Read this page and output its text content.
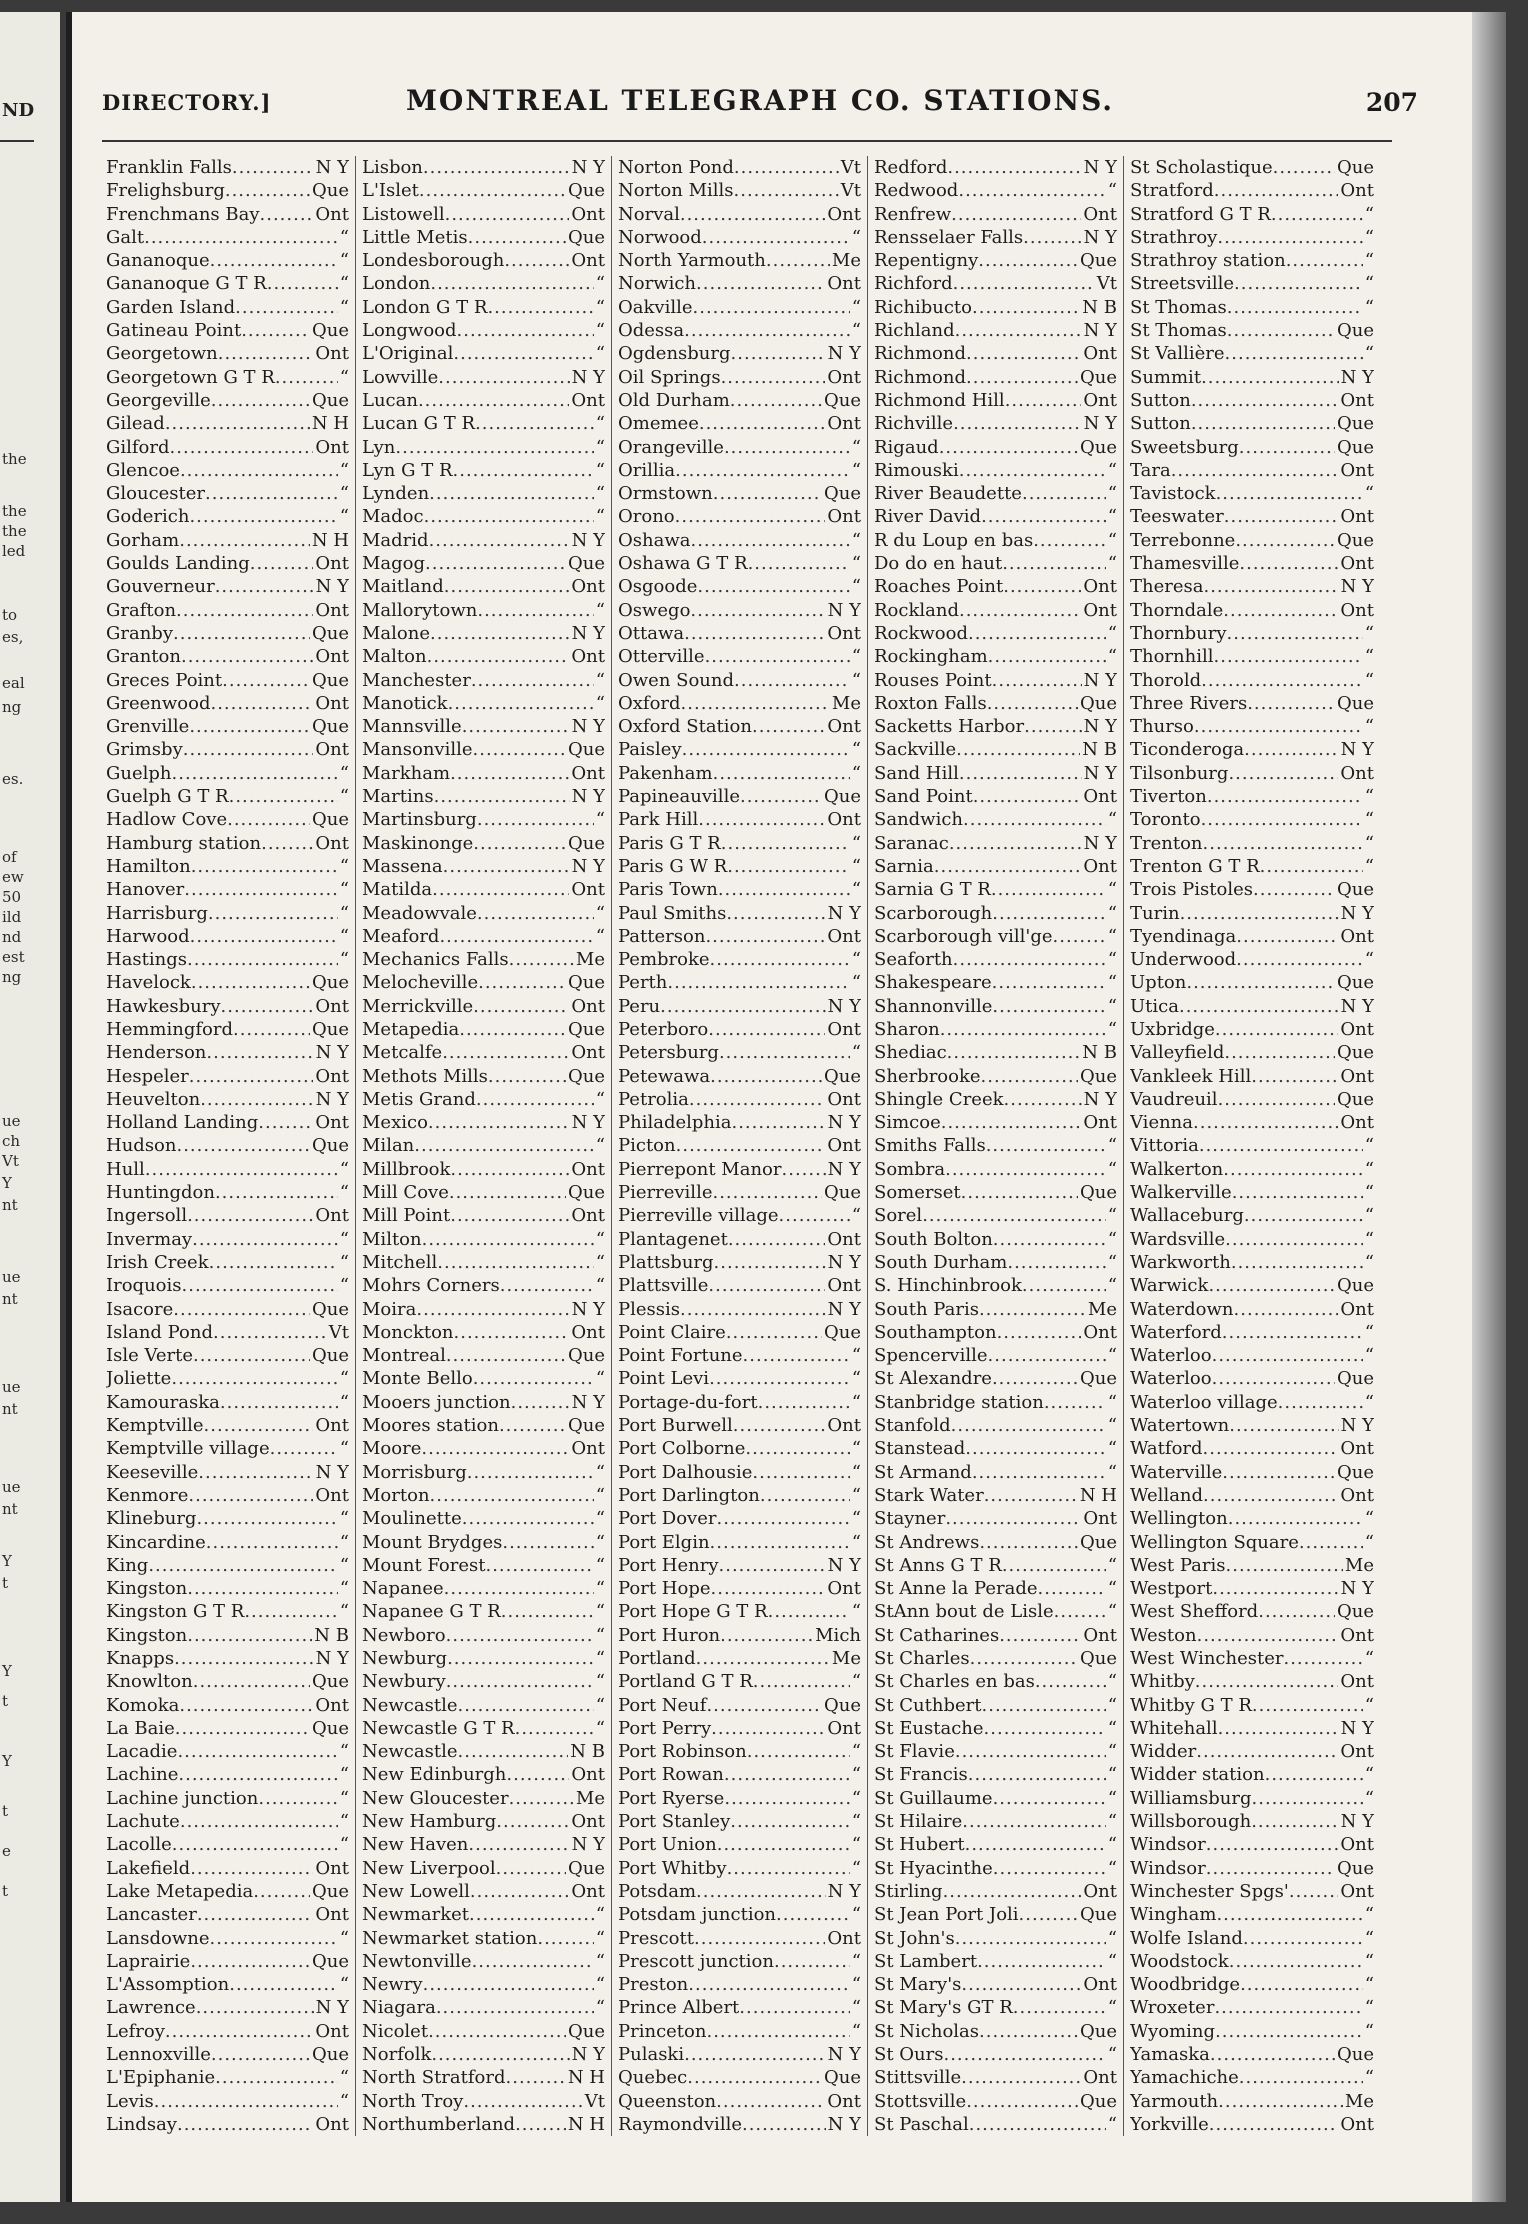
ND
the
the
the
led
to
es,
eal
ng
es.
of
ew
50
ild
nd
est
ng
ue
ch
Vt
Y
nt
ue
nt
ue
nt
ue
nt
Y
t
Y
t
Y
t
e
t
DIRECTORY.]	MONTREAL TELEGRAPH CO. STATIONS.	207
Franklin Falls .....	N Y
Frelighsburg .....	Que
Frenchmans Bay .....	Ont
Galt .....	“
Gananoque .....	“
Gananoque G T R .....	“
Garden Island .....	“
Gatineau Point .....	Que
Georgetown .....	Ont
Georgetown G T R .....	“
Georgeville .....	Que
Gilead .....	N H
Gilford .....	Ont
Glencoe .....	“
Gloucester .....	“
Goderich .....	“
Gorham .....	N H
Goulds Landing .....	Ont
Gouverneur .....	N Y
Grafton .....	Ont
Granby .....	Que
Granton .....	Ont
Greces Point .....	Que
Greenwood .....	Ont
Grenville .....	Que
Grimsby .....	Ont
Guelph .....	“
Guelph G T R .....	“
Hadlow Cove .....	Que
Hamburg station .....	Ont
Hamilton .....	“
Hanover .....	“
Harrisburg .....	“
Harwood .....	“
Hastings .....	“
Havelock .....	Que
Hawkesbury .....	Ont
Hemmingford .....	Que
Henderson .....	N Y
Hespeler .....	Ont
Heuvelton .....	N Y
Holland Landing .....	Ont
Hudson .....	Que
Hull .....	“
Huntingdon .....	“
Ingersoll .....	Ont
Invermay .....	“
Irish Creek .....	“
Iroquois .....	“
Isacore .....	Que
Island Pond .....	Vt
Isle Verte .....	Que
Joliette .....	“
Kamouraska .....	“
Kemptville .....	Ont
Kemptville village .....	“
Keeseville .....	N Y
Kenmore .....	Ont
Klineburg .....	“
Kincardine .....	“
King .....	“
Kingston .....	“
Kingston G T R .....	“
Kingston .....	N B
Knapps .....	N Y
Knowlton .....	Que
Komoka .....	Ont
La Baie .....	Que
Lacadie .....	“
Lachine .....	“
Lachine junction .....	“
Lachute .....	“
Lacolle .....	“
Lakefield .....	Ont
Lake Metapedia .....	Que
Lancaster .....	Ont
Lansdowne .....	“
Laprairie .....	Que
L'Assomption .....	“
Lawrence .....	N Y
Lefroy .....	Ont
Lennoxville .....	Que
L'Epiphanie .....	“
Levis .....	“
Lindsay .....	Ont
Lisbon .....	N Y
L'Islet .....	Que
Listowell .....	Ont
Little Metis .....	Que
Londesborough .....	Ont
London .....	“
London G T R .....	“
Longwood .....	“
L'Original .....	“
Lowville .....	N Y
Lucan .....	Ont
Lucan G T R .....	“
Lyn .....	“
Lyn G T R .....	“
Lynden .....	“
Madoc .....	“
Madrid .....	N Y
Magog .....	Que
Maitland .....	Ont
Mallorytown .....	“
Malone .....	N Y
Malton .....	Ont
Manchester .....	“
Manotick .....	“
Mannsville .....	N Y
Mansonville .....	Que
Markham .....	Ont
Martins .....	N Y
Martinsburg .....	“
Maskinonge .....	Que
Massena .....	N Y
Matilda .....	Ont
Meadowvale .....	“
Meaford .....	“
Mechanics Falls .....	Me
Melocheville .....	Que
Merrickville .....	Ont
Metapedia .....	Que
Metcalfe .....	Ont
Methots Mills .....	Que
Metis Grand .....	“
Mexico .....	N Y
Milan .....	“
Millbrook .....	Ont
Mill Cove .....	Que
Mill Point .....	Ont
Milton .....	“
Mitchell .....	“
Mohrs Corners .....	“
Moira .....	N Y
Monckton .....	Ont
Montreal .....	Que
Monte Bello .....	“
Mooers junction .....	N Y
Moores station .....	Que
Moore .....	Ont
Morrisburg .....	“
Morton .....	“
Moulinette .....	“
Mount Brydges .....	“
Mount Forest .....	“
Napanee .....	“
Napanee G T R .....	“
Newboro .....	“
Newburg .....	“
Newbury .....	“
Newcastle .....	“
Newcastle G T R .....	“
Newcastle .....	N B
New Edinburgh .....	Ont
New Gloucester .....	Me
New Hamburg .....	Ont
New Haven .....	N Y
New Liverpool .....	Que
New Lowell .....	Ont
Newmarket .....	“
Newmarket station .....	“
Newtonville .....	“
Newry .....	“
Niagara .....	“
Nicolet .....	Que
Norfolk .....	N Y
North Stratford .....	N H
North Troy .....	Vt
Northumberland .....	N H
Norton Pond .....	Vt
Norton Mills .....	Vt
Norval .....	Ont
Norwood .....	“
North Yarmouth .....	Me
Norwich .....	Ont
Oakville .....	“
Odessa .....	“
Ogdensburg .....	N Y
Oil Springs .....	Ont
Old Durham .....	Que
Omemee .....	Ont
Orangeville .....	“
Orillia .....	“
Ormstown .....	Que
Orono .....	Ont
Oshawa .....	“
Oshawa G T R .....	“
Osgoode .....	“
Oswego .....	N Y
Ottawa .....	Ont
Otterville .....	“
Owen Sound .....	“
Oxford .....	Me
Oxford Station .....	Ont
Paisley .....	“
Pakenham .....	“
Papineauville .....	Que
Park Hill .....	Ont
Paris G T R .....	“
Paris G W R .....	“
Paris Town .....	“
Paul Smiths .....	N Y
Patterson .....	Ont
Pembroke .....	“
Perth .....	“
Peru .....	N Y
Peterboro .....	Ont
Petersburg .....	“
Petewawa .....	Que
Petrolia .....	Ont
Philadelphia .....	N Y
Picton .....	Ont
Pierrepont Manor .....	N Y
Pierreville .....	Que
Pierreville village .....	“
Plantagenet .....	Ont
Plattsburg .....	N Y
Plattsville .....	Ont
Plessis .....	N Y
Point Claire .....	Que
Point Fortune .....	“
Point Levi .....	“
Portage-du-fort .....	“
Port Burwell .....	Ont
Port Colborne .....	“
Port Dalhousie .....	“
Port Darlington .....	“
Port Dover .....	“
Port Elgin .....	“
Port Henry .....	N Y
Port Hope .....	Ont
Port Hope G T R .....	“
Port Huron .....	Mich
Portland .....	Me
Portland G T R .....	“
Port Neuf .....	Que
Port Perry .....	Ont
Port Robinson .....	“
Port Rowan .....	“
Port Ryerse .....	“
Port Stanley .....	“
Port Union .....	“
Port Whitby .....	“
Potsdam .....	N Y
Potsdam junction .....	“
Prescott .....	Ont
Prescott junction .....	“
Preston .....	“
Prince Albert .....	“
Princeton .....	“
Pulaski .....	N Y
Quebec .....	Que
Queenston .....	Ont
Raymondville .....	N Y
Redford .....	N Y
Redwood .....	“
Renfrew .....	Ont
Rensselaer Falls .....	N Y
Repentigny .....	Que
Richford .....	Vt
Richibucto .....	N B
Richland .....	N Y
Richmond .....	Ont
Richmond .....	Que
Richmond Hill .....	Ont
Richville .....	N Y
Rigaud .....	Que
Rimouski .....	“
River Beaudette .....	“
River David .....	“
R du Loup en bas .....	“
Do do en haut .....	“
Roaches Point .....	Ont
Rockland .....	Ont
Rockwood .....	“
Rockingham .....	“
Rouses Point .....	N Y
Roxton Falls .....	Que
Sacketts Harbor .....	N Y
Sackville .....	N B
Sand Hill .....	N Y
Sand Point .....	Ont
Sandwich .....	“
Saranac .....	N Y
Sarnia .....	Ont
Sarnia G T R .....	“
Scarborough .....	“
Scarborough vill'ge .....	“
Seaforth .....	“
Shakespeare .....	“
Shannonville .....	“
Sharon .....	“
Shediac .....	N B
Sherbrooke .....	Que
Shingle Creek .....	N Y
Simcoe .....	Ont
Smiths Falls .....	“
Sombra .....	“
Somerset .....	Que
Sorel .....	“
South Bolton .....	“
South Durham .....	“
S. Hinchinbrook .....	“
South Paris .....	Me
Southampton .....	Ont
Spencerville .....	“
St Alexandre .....	Que
Stanbridge station .....	“
Stanfold .....	“
Stanstead .....	“
St Armand .....	“
Stark Water .....	N H
Stayner .....	Ont
St Andrews .....	Que
St Anns G T R .....	“
St Anne la Perade .....	“
StAnn bout de Lisle .....	“
St Catharines .....	Ont
St Charles .....	Que
St Charles en bas .....	“
St Cuthbert .....	“
St Eustache .....	“
St Flavie .....	“
St Francis .....	“
St Guillaume .....	“
St Hilaire .....	“
St Hubert .....	“
St Hyacinthe .....	“
Stirling .....	Ont
St Jean Port Joli .....	Que
St John's .....	“
St Lambert .....	“
St Mary's .....	Ont
St Mary's GT R .....	“
St Nicholas .....	Que
St Ours .....	“
Stittsville .....	Ont
Stottsville .....	Que
St Paschal .....	“
St Scholastique .....	Que
Stratford .....	Ont
Stratford G T R .....	“
Strathroy .....	“
Strathroy station .....	“
Streetsville .....	“
St Thomas .....	“
St Thomas .....	Que
St Vallière .....	“
Summit .....	N Y
Sutton .....	Ont
Sutton .....	Que
Sweetsburg .....	Que
Tara .....	Ont
Tavistock .....	“
Teeswater .....	Ont
Terrebonne .....	Que
Thamesville .....	Ont
Theresa .....	N Y
Thorndale .....	Ont
Thornbury .....	“
Thornhill .....	“
Thorold .....	“
Three Rivers .....	Que
Thurso .....	“
Ticonderoga .....	N Y
Tilsonburg .....	Ont
Tiverton .....	“
Toronto .....	“
Trenton .....	“
Trenton G T R .....	“
Trois Pistoles .....	Que
Turin .....	N Y
Tyendinaga .....	Ont
Underwood .....	“
Upton .....	Que
Utica .....	N Y
Uxbridge .....	Ont
Valleyfield .....	Que
Vankleek Hill .....	Ont
Vaudreuil .....	Que
Vienna .....	Ont
Vittoria .....	“
Walkerton .....	“
Walkerville .....	“
Wallaceburg .....	“
Wardsville .....	“
Warkworth .....	“
Warwick .....	Que
Waterdown .....	Ont
Waterford .....	“
Waterloo .....	“
Waterloo .....	Que
Waterloo village .....	“
Watertown .....	N Y
Watford .....	Ont
Waterville .....	Que
Welland .....	Ont
Wellington .....	“
Wellington Square .....	“
West Paris .....	Me
Westport .....	N Y
West Shefford .....	Que
Weston .....	Ont
West Winchester .....	“
Whitby .....	Ont
Whitby G T R .....	“
Whitehall .....	N Y
Widder .....	Ont
Widder station .....	“
Williamsburg .....	“
Willsborough .....	N Y
Windsor .....	Ont
Windsor .....	Que
Winchester Spgs' .....	Ont
Wingham .....	“
Wolfe Island .....	“
Woodstock .....	“
Woodbridge .....	“
Wroxeter .....	“
Wyoming .....	“
Yamaska .....	Que
Yamachiche .....	“
Yarmouth .....	Me
Yorkville .....	Ont
